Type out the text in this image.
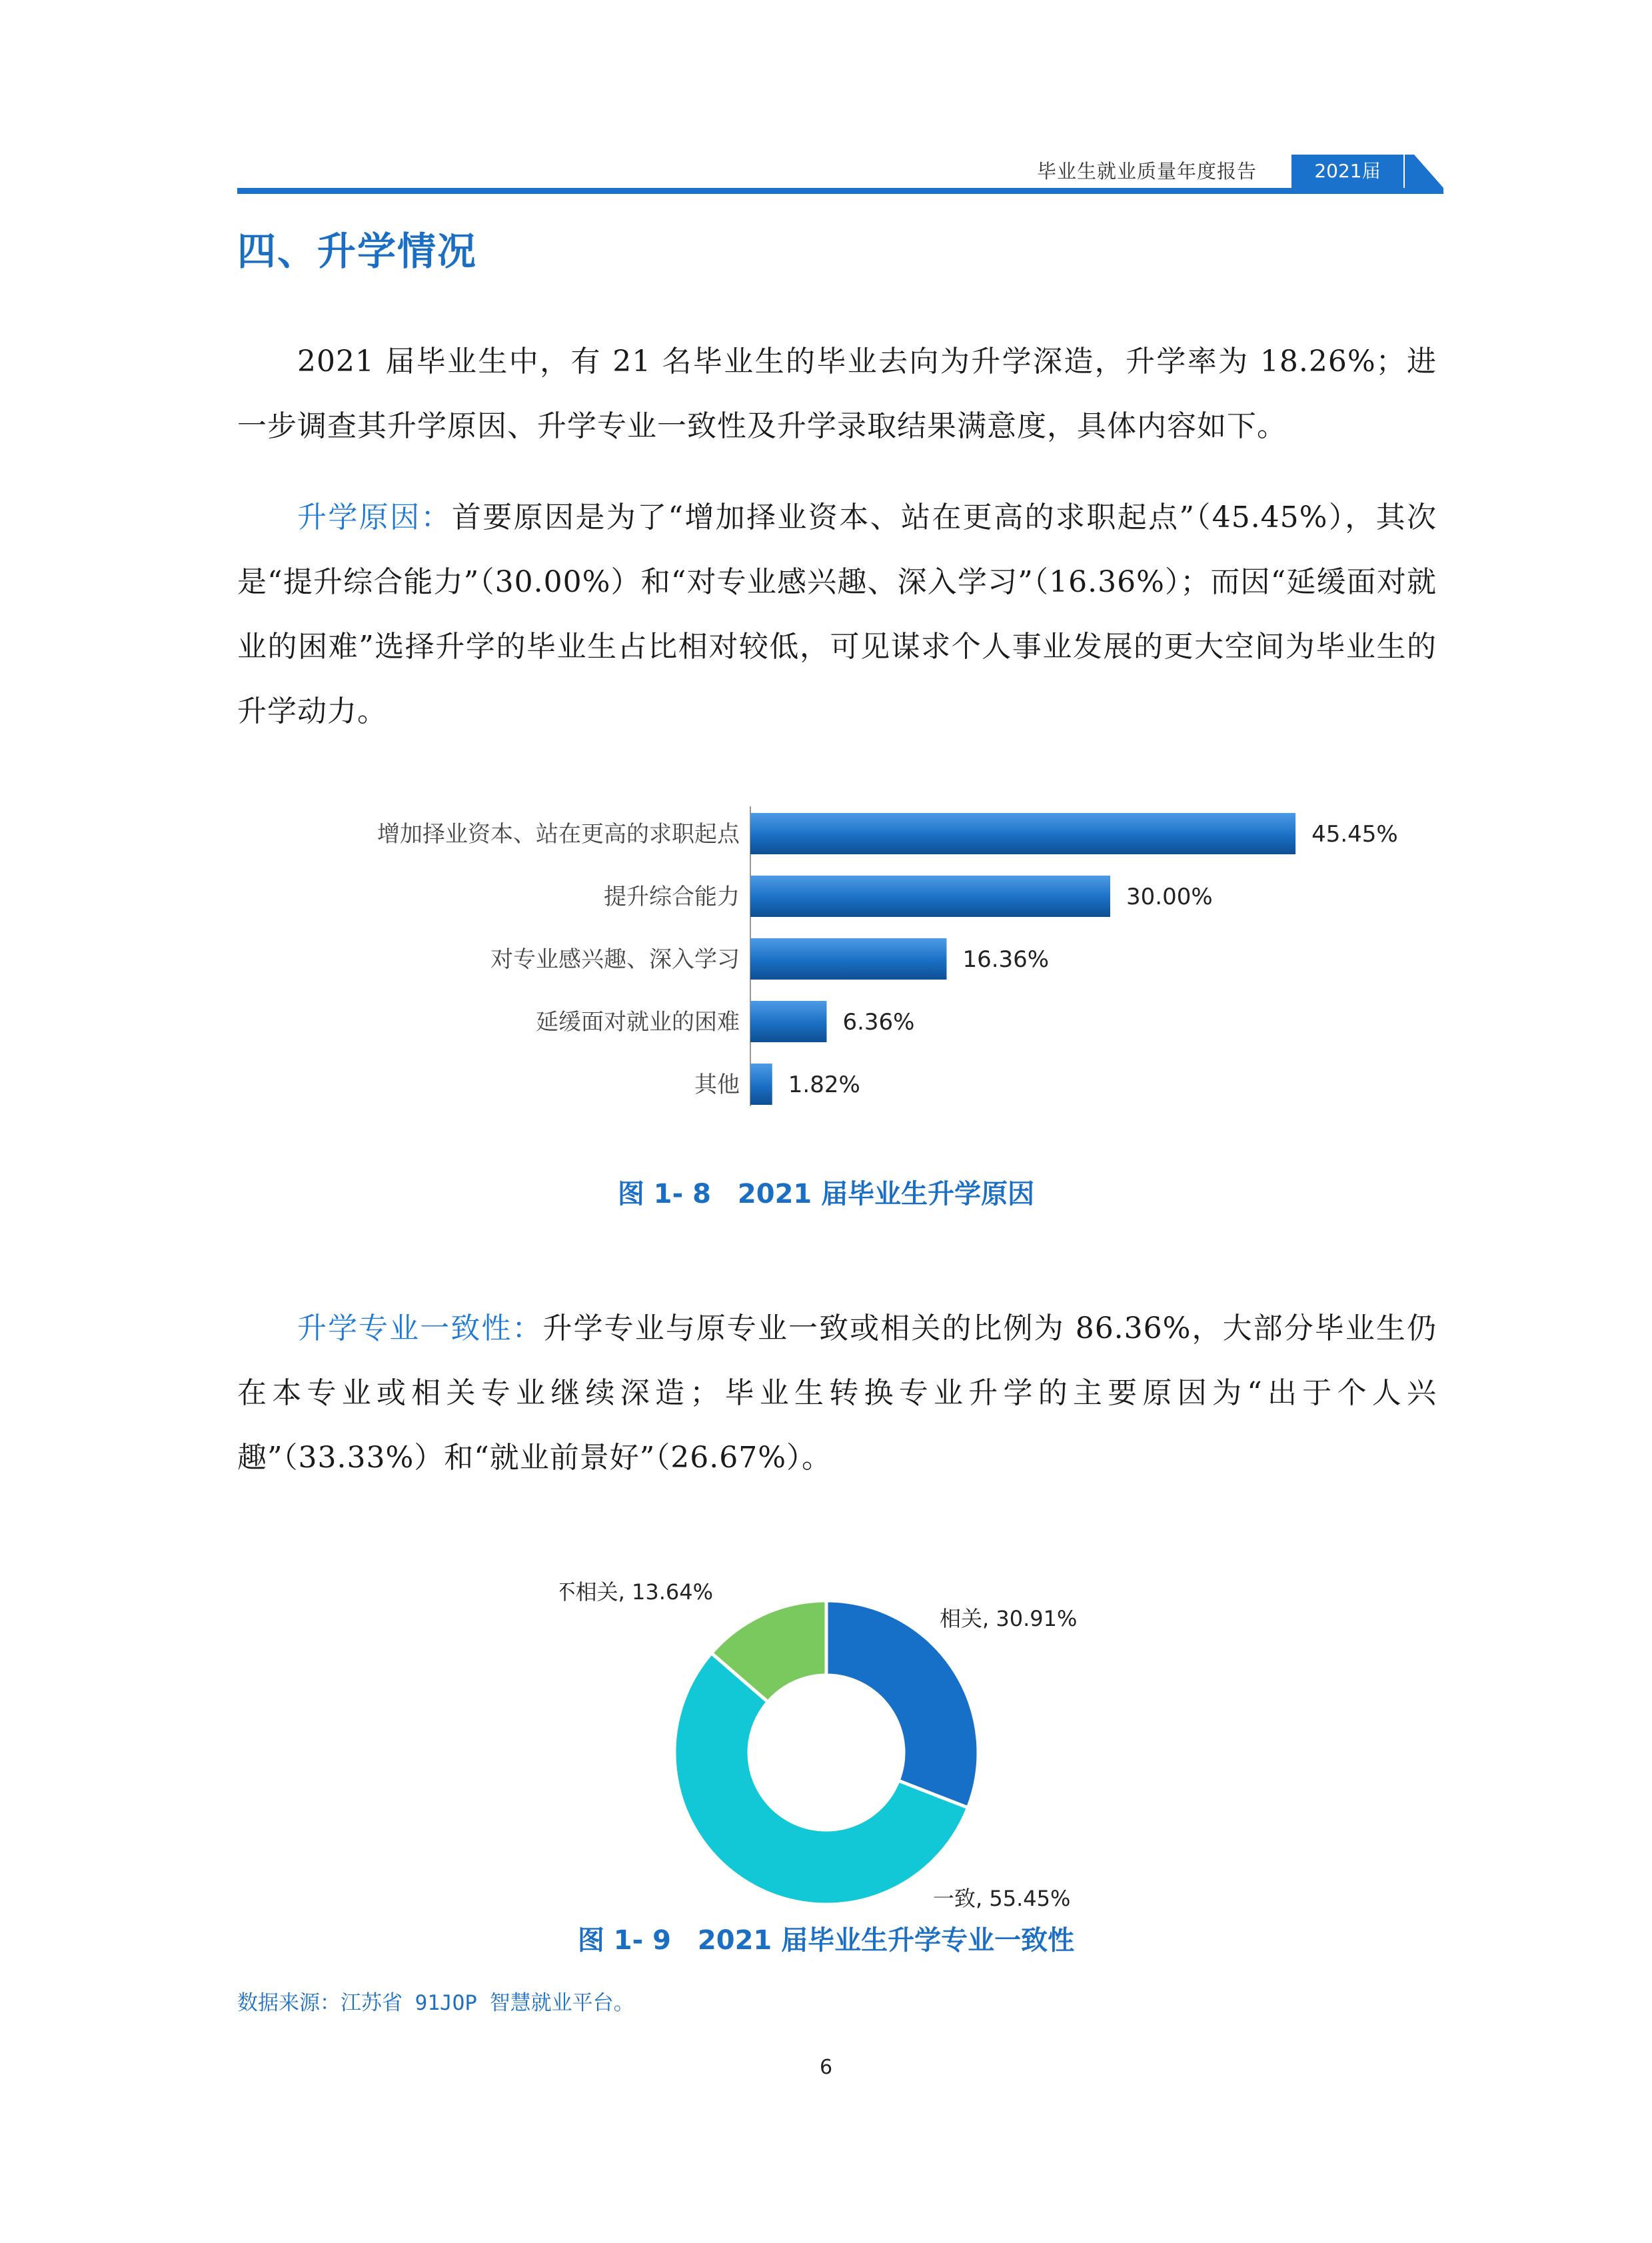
毕业生就业质量年度报告	2021届
四、升学情况

2021 届毕业生中，有 21 名毕业生的毕业去向为升学深造，升学率为 18.26%；进一步调查其升学原因、升学专业一致性及升学录取结果满意度，具体内容如下。

升学原因：首要原因是为了“增加择业资本、站在更高的求职起点”（45.45%），其次是“提升综合能力”（30.00%）和“对专业感兴趣、深入学习”（16.36%）；而因“延缓面对就业的困难”选择升学的毕业生占比相对较低，可见谋求个人事业发展的更大空间为毕业生的升学动力。

增加择业资本、站在更高的求职起点	45.45%
提升综合能力	30.00%
对专业感兴趣、深入学习	16.36%
延缓面对就业的困难	6.36%
其他 1.82%

图 1- 8　2021 届毕业生升学原因

升学专业一致性：升学专业与原专业一致或相关的比例为 86.36%，大部分毕业生仍在本专业或相关专业继续深造；毕业生转换专业升学的主要原因为“出于个人兴趣”（33.33%）和“就业前景好”（26.67%）。

相关, 30.91%
一致, 55.45%
不相关, 13.64%

图 1- 9　2021 届毕业生升学专业一致性

数据来源：江苏省 91JOP 智慧就业平台。

6
